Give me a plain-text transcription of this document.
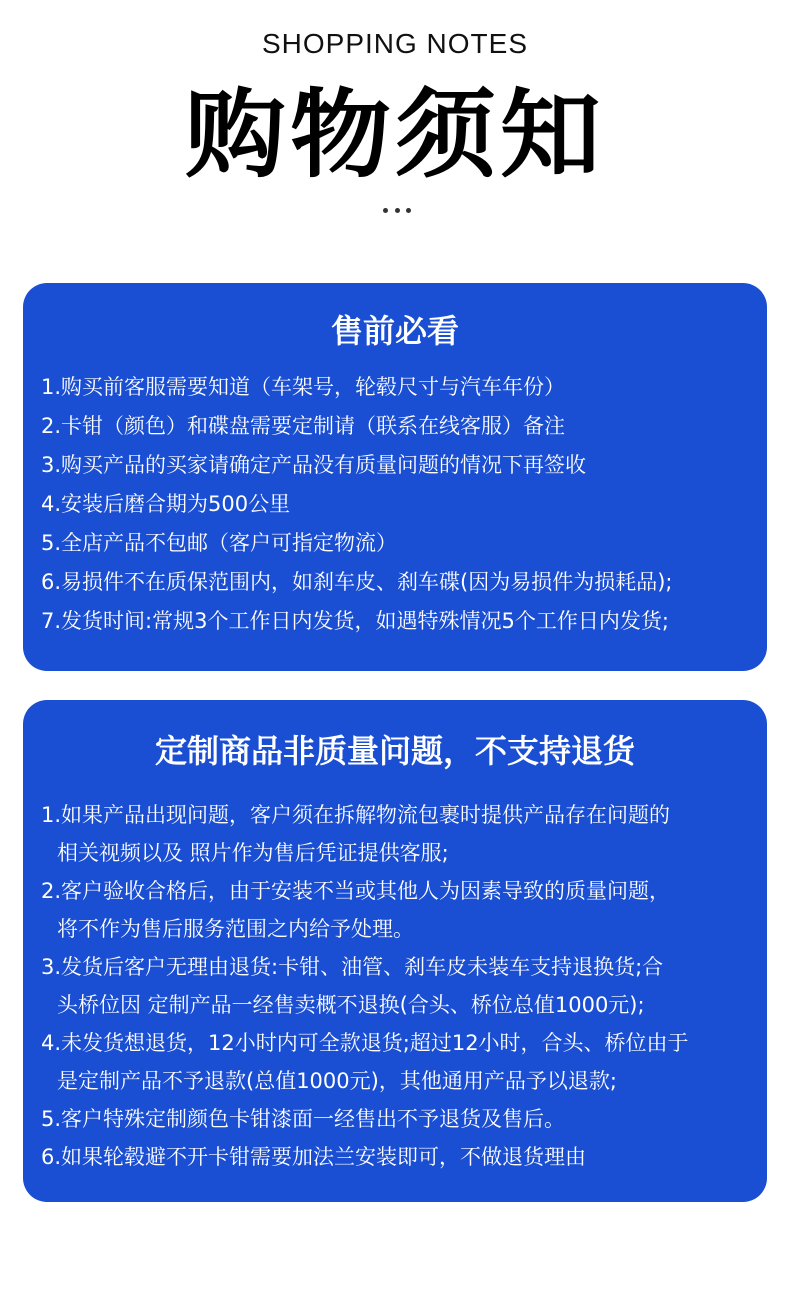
SHOPPING NOTES
购物须知
售前必看
1.购买前客服需要知道（车架号，轮毂尺寸与汽车年份）
2.卡钳（颜色）和碟盘需要定制请（联系在线客服）备注
3.购买产品的买家请确定产品没有质量问题的情况下再签收
4.安装后磨合期为500公里
5.全店产品不包邮（客户可指定物流）
6.易损件不在质保范围内，如刹车皮、刹车碟(因为易损件为损耗品);
7.发货时间:常规3个工作日内发货，如遇特殊情况5个工作日内发货;
定制商品非质量问题，不支持退货
1.如果产品出现问题，客户须在拆解物流包裹时提供产品存在问题的
相关视频以及 照片作为售后凭证提供客服;
2.客户验收合格后，由于安装不当或其他人为因素导致的质量问题，
将不作为售后服务范围之内给予处理。
3.发货后客户无理由退货:卡钳、油管、刹车皮未装车支持退换货;合
头桥位因 定制产品一经售卖概不退换(合头、桥位总值1000元);
4.未发货想退货，12小时内可全款退货;超过12小时，合头、桥位由于
是定制产品不予退款(总值1000元)，其他通用产品予以退款;
5.客户特殊定制颜色卡钳漆面一经售出不予退货及售后。
6.如果轮毂避不开卡钳需要加法兰安装即可，不做退货理由
